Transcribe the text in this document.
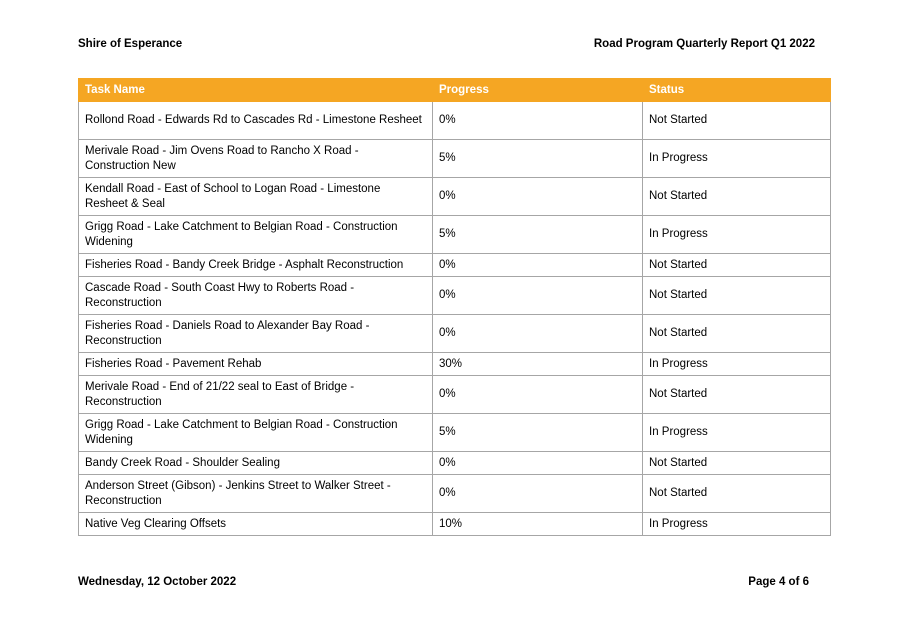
Shire of Esperance	Road Program Quarterly Report Q1 2022
Task Name	Progress	Status
Rollond Road - Edwards Rd to Cascades Rd - Limestone Resheet	0%	Not Started
Merivale Road - Jim Ovens Road to Rancho X Road - Construction New	5%	In Progress
Kendall Road - East of School to Logan Road - Limestone Resheet & Seal	0%	Not Started
Grigg Road - Lake Catchment to Belgian Road - Construction Widening	5%	In Progress
Fisheries Road - Bandy Creek Bridge - Asphalt Reconstruction	0%	Not Started
Cascade Road - South Coast Hwy to Roberts Road - Reconstruction	0%	Not Started
Fisheries Road - Daniels Road to Alexander Bay Road - Reconstruction	0%	Not Started
Fisheries Road - Pavement Rehab	30%	In Progress
Merivale Road - End of 21/22 seal to East of Bridge - Reconstruction	0%	Not Started
Grigg Road - Lake Catchment to Belgian Road - Construction Widening	5%	In Progress
Bandy Creek Road - Shoulder Sealing	0%	Not Started
Anderson Street (Gibson) - Jenkins Street to Walker Street - Reconstruction	0%	Not Started
Native Veg Clearing Offsets	10%	In Progress
Wednesday, 12 October 2022	Page 4 of 6
